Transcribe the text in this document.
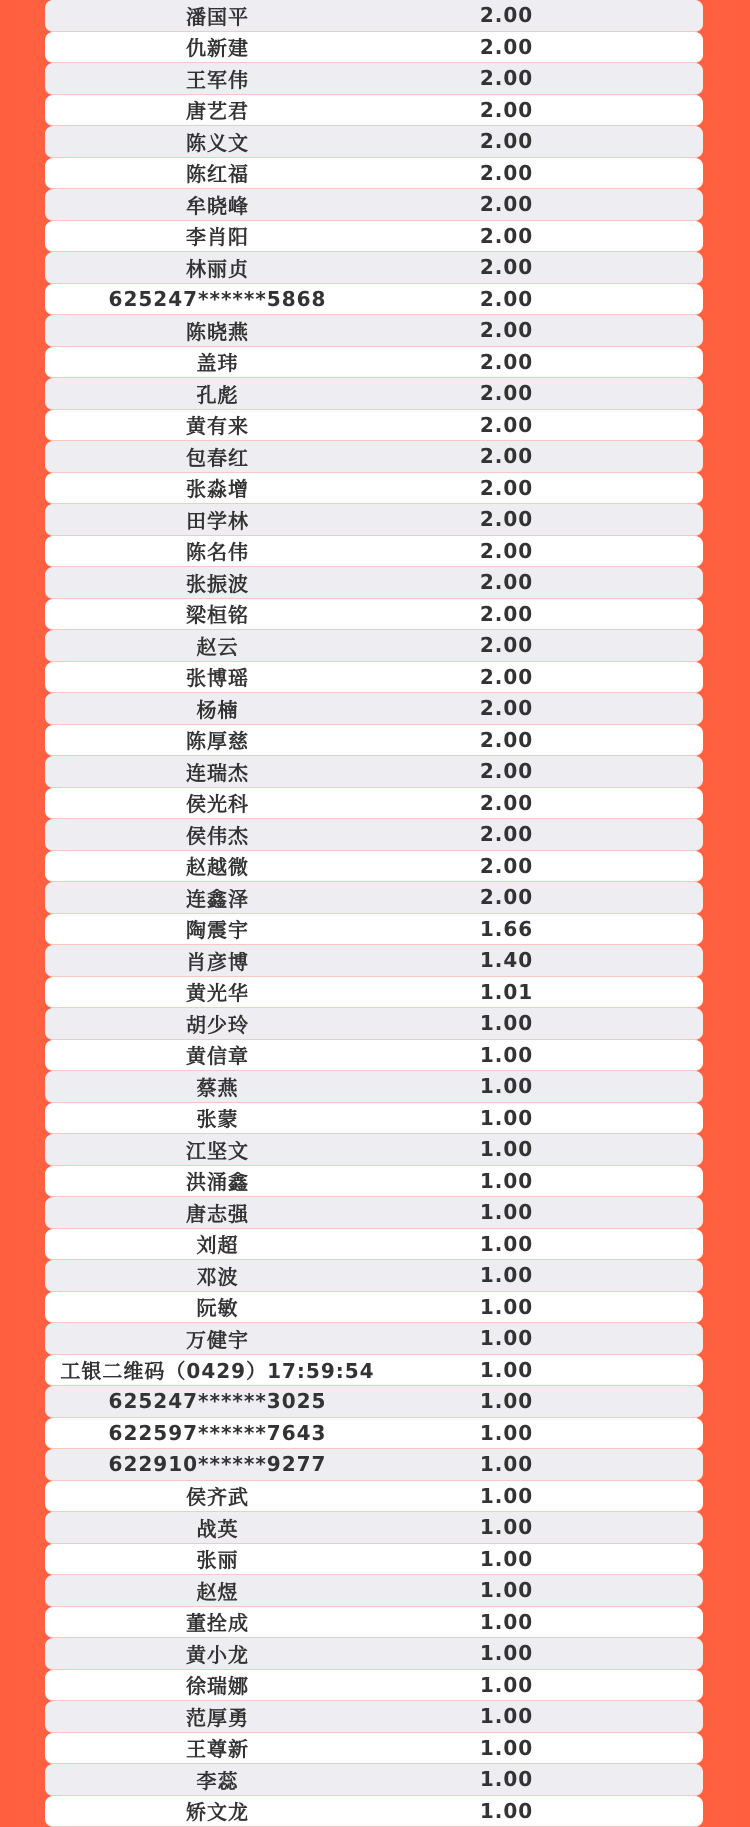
潘国平	2.00
仇新建	2.00
王军伟	2.00
唐艺君	2.00
陈义文	2.00
陈红福	2.00
牟晓峰	2.00
李肖阳	2.00
林丽贞	2.00
625247******5868	2.00
陈晓燕	2.00
盖玮	2.00
孔彪	2.00
黄有来	2.00
包春红	2.00
张淼增	2.00
田学林	2.00
陈名伟	2.00
张振波	2.00
梁桓铭	2.00
赵云	2.00
张博瑶	2.00
杨楠	2.00
陈厚慈	2.00
连瑞杰	2.00
侯光科	2.00
侯伟杰	2.00
赵越微	2.00
连鑫泽	2.00
陶震宇	1.66
肖彦博	1.40
黄光华	1.01
胡少玲	1.00
黄信章	1.00
蔡燕	1.00
张蒙	1.00
江坚文	1.00
洪涌鑫	1.00
唐志强	1.00
刘超	1.00
邓波	1.00
阮敏	1.00
万健宇	1.00
工银二维码（0429）17:59:54	1.00
625247******3025	1.00
622597******7643	1.00
622910******9277	1.00
侯齐武	1.00
战英	1.00
张丽	1.00
赵煜	1.00
董拴成	1.00
黄小龙	1.00
徐瑞娜	1.00
范厚勇	1.00
王尊新	1.00
李蕊	1.00
矫文龙	1.00
